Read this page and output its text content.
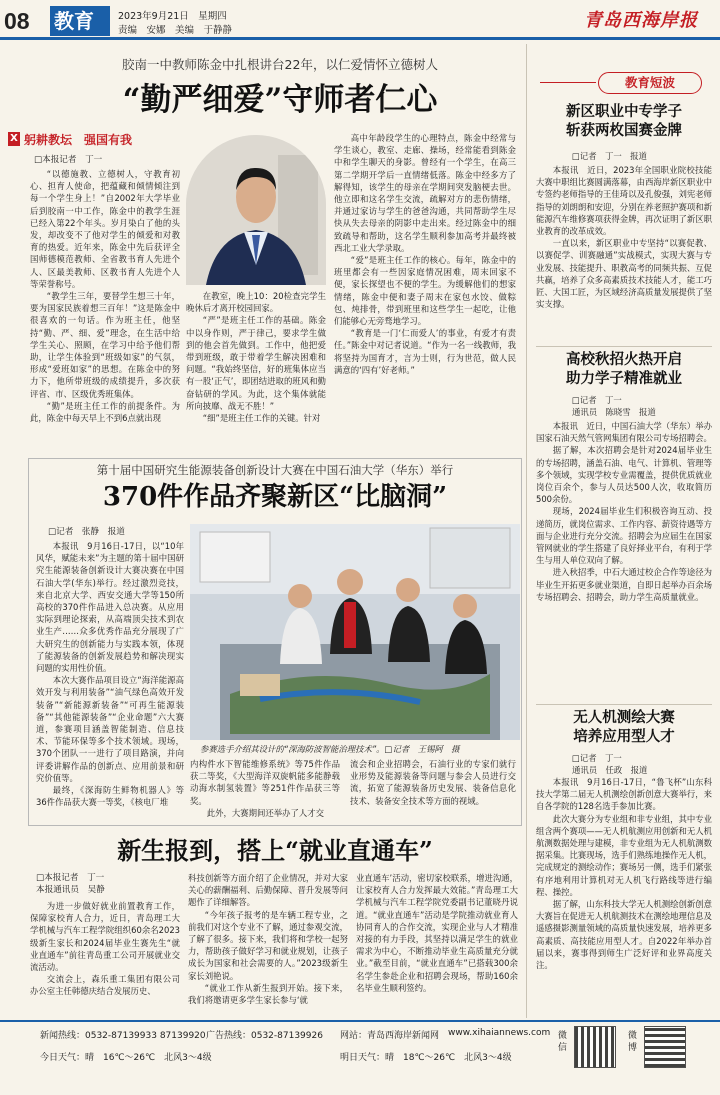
08	教育	2023年9月21日　星期四
责编　安娜　美编　于静静	青岛西海岸报
胶南一中教师陈金中扎根讲台22年，以仁爱情怀立德树人
“勤严细爱”守师者仁心
X 躬耕教坛　强国有我
□本报记者　丁一

“以德施教、立德树人，守教育初心、担育人使命，把蕴藏和倾情倾注到每一个学生身上！”自2002年大学毕业后到胶南一中工作，陈金中的教学生涯已经入第22个年头。岁月染白了他的头发，却改变不了他对学生的倾爱和对教育的热爱。近年来，陈金中先后获评全国师德模范教师、全省教书育人先进个人、区最美教师、区教书育人先进个人等荣誉称号。

“教学生三年，要替学生想三十年，要为国家民族着想三百年！”这是陈金中很喜欢的一句话。作为班主任，他坚持“勤、严、细、爱”理念，在生活中给学生关心、照顾，在学习中给予他们帮助，让学生体验到“班级如家”的气氛，形成“爱班如家”的思想。在陈金中的努力下，他所带班级的成绩提升，多次获评省、市、区级优秀班集体。

“勤”是班主任工作的前提条件。为此，陈金中每天早上不到6点就出现

在教室，晚上10：20检查完学生晚休后才离开校园回家。

“严”是班主任工作的基础。陈金中以身作则，严于律己，要求学生做到的他会首先做到。工作中，他把爱带到班级，敢于带着学生解决困难和问题。“我始终坚信，好的班集体应当有一股‘正气’，即团结进取的班风和勤奋钻研的学风。为此，这个集体就能所向披靡、战无不胜！”

“细”是班主任工作的关键。针对

高中年龄段学生的心理特点，陈金中经常与学生谈心，教室、走廊、操场，经常能看到陈金中和学生聊天的身影。曾经有一个学生，在高三第二学期开学后一直情绪低落。陈金中经多方了解得知，该学生的母亲在学期间突发脑梗去世。他立即和这名学生交流，疏解对方的悲伤情绪，并通过家访与学生的爸爸沟通，共同帮助学生尽快从失去母亲的阴影中走出来。经过陈金中的细致疏导和帮助，这名学生顺利参加高考并最终被西北工业大学录取。

“爱”是班主任工作的核心。每年，陈金中的班里都会有一些因家庭情况困难，周末回家不便，家长探望也不便的学生。为缓解他们的想家情绪，陈金中便和妻子周末在家包水饺、做粽包、炖排骨，带到班里和这些学生一起吃，让他们能够心无旁骛地学习。

“教育是一门‘仁而爱人’的事业，有爱才有责任。”陈金中对记者说道。“作为一名一线教师，我将坚持为国育才，言为士则，行为世范，做人民满意的‘四有’好老师。”

第十届中国研究生能源装备创新设计大赛在中国石油大学（华东）举行
370件作品齐聚新区“比脑洞”
□记者　张静　报道

本报讯　9月16日-17日，以“10年风华，赋能未来”为主题的第十届中国研究生能源装备创新设计大赛决赛在中国石油大学(华东)举行。经过激烈竞技，来自北京大学、西安交通大学等150所高校的370件作品进入总决赛。从应用实际到理论探索，从高端顶尖技术到农业生产……众多优秀作品充分展现了广大研究生的创新能力与实践本领，体现了能源装备的创新发展趋势和解决现实问题的实用性价值。

本次大赛作品项目设立“海洋能源高效开发与利用装备”“油气绿色高效开发装备”“新能源新装备”“可再生能源装备”“其他能源装备”“企业命题”六大赛道，参赛项目涵盖智能制造、信息技术、节能环保等多个技术领域。现场，370个团队一一进行了项目路演，并向评委讲解作品的创新点、应用前景和研究价值等。

最终，《深海防生鲜物机器人》等36件作品获大赛一等奖，《核电厂堆

参赛选手介绍其设计的“深海防波智能治理技术”。□记者　王锡阿　摄

内构件水下智能维修系统》等75件作品获二等奖，《大型海洋双旋帆能多能静载动海水制氢装置》等251件作品获三等奖。

此外，大赛期间还举办了人才交

流会和企业招聘会，石油行业的专家们就行业形势及能源装备等问题与参会人员进行交流，拓宽了能源装备历史发展、装备信息化技术、装备安全技术等方面的视域。

新生报到，搭上“就业直通车”
□本报记者　丁一
本报通讯员　吴静

为进一步做好就业前置教育工作，保障家校育人合力，近日，青岛理工大学机械与汽车工程学院组织60余名2023级新生家长和2024届毕业生赛先生“就业直通车”前往青岛重工公司开展就业交流活动。

交流会上，森乐重工集团有限公司办公室主任韩德庆结合发展历史、

科技创新等方面介绍了企业情况，并对大家关心的薪酬福利、后勤保障、晋升发展等问题作了详细解答。

“今年孩子报考的是车辆工程专业，之前我们对这个专业不了解，通过参观交流，了解了很多。接下来，我们将和学校一起努力，帮助孩子做好学习和就业规划，让孩子成长为国家和社会需要的人。”2023级新生家长刘艳说。

“就业工作从新生报到开始。接下来，我们将邀请更多学生家长参与‘就

业直通车’活动，密切家校联系，增进沟通，让家校育人合力发挥最大效能。”青岛理工大学机械与汽车工程学院党委副书记董晓丹说道。“就业直通车”活动是学院推动就业育人协同育人的合作交流，实现企业与人才精准对接的有力手段，其坚持以满足学生的就业需求为中心，不断推动毕业生高质量充分就业。”截至目前，“就业直通车”已搭载300余名学生参赴企业和招聘会现场，帮助160余名毕业生顺利签约。

教育短波
新区职业中专学子
斩获两枚国赛金牌
□记者　丁一　报道

本报讯　近日，2023年全国职业院校技能大赛中职组比赛圆满落幕，由西海岸新区职业中专签约老师指导的王佳琦以及孔俊强，刘宪老师指导的刘朗朗和安迎，分别在养老照护赛项和新能源汽车维修赛项获得金牌，再次证明了新区职业教育的改革成效。

一直以来，新区职业中专坚持“以赛促教、以赛促学、训赛融通”实战模式，实现大赛与专业发展、技能提升、职教高考的同频共振、互促共赢，培养了众多高素质技术技能人才，能工巧匠、大国工匠，为区域经济高质量发展提供了坚实支撑。

高校秋招火热开启
助力学子精准就业
□记者　丁一
通讯员　陈晓雪　报道

本报讯　近日，中国石油大学（华东）举办国家石油天然气管网集团有限公司专场招聘会。

据了解，本次招聘会是针对2024届毕业生的专场招聘，涵盖石油、电气、计算机、管理等多个领域，实现学校专业需覆盖，提供优质就业岗位百余个，参与人员达500人次，收取简历500余份。

现场，2024届毕业生们积极咨询互动、投递简历，就岗位需求、工作内容、薪资待遇等方面与企业进行充分交流。招聘会为应届生在国家管网就业的学生搭建了良好择业平台，有利于学生与用人单位双向了解。

进入秋招季，中石大通过校企合作等途径为毕业生开拓更多就业渠道，自即日起举办百余场专场招聘会、招聘会，助力学生高质量就业。

无人机测绘大赛
培养应用型人才
□记者　丁一
通讯员　任政　报道

本报讯　9月16日-17日，“鲁飞杯”山东科技大学第二届无人机测绘创新创意大赛举行，来自各学院的128名选手参加比赛。

此次大赛分为专业组和非专业组，其中专业组含两个赛项——无人机航测应用创新和无人机航测数据处理与建模，非专业组为无人机航测数据采集。比赛现场，选手们熟练地操作无人机，完成规定的测绘动作；赛场另一侧，选手们紧张有序地利用计算机对无人机飞行路线等进行编程、操控。

据了解，山东科技大学无人机测绘创新创意大赛旨在促进无人机航测技术在测绘地理信息及遥感摄影测量领域的高质量快速发展，培养更多高素质、高技能应用型人才。自2022年举办首届以来，赛事得到师生广泛好评和业界高度关注。

新闻热线：0532-87139933 87139920 广告热线：0532-87139926 网站：青岛西海岸新闻网 www.xihaiannews.com
今日天气：晴　16℃～26℃　北风3～4级	明日天气：晴　18℃～26℃　北风3～4级
微信
微博
